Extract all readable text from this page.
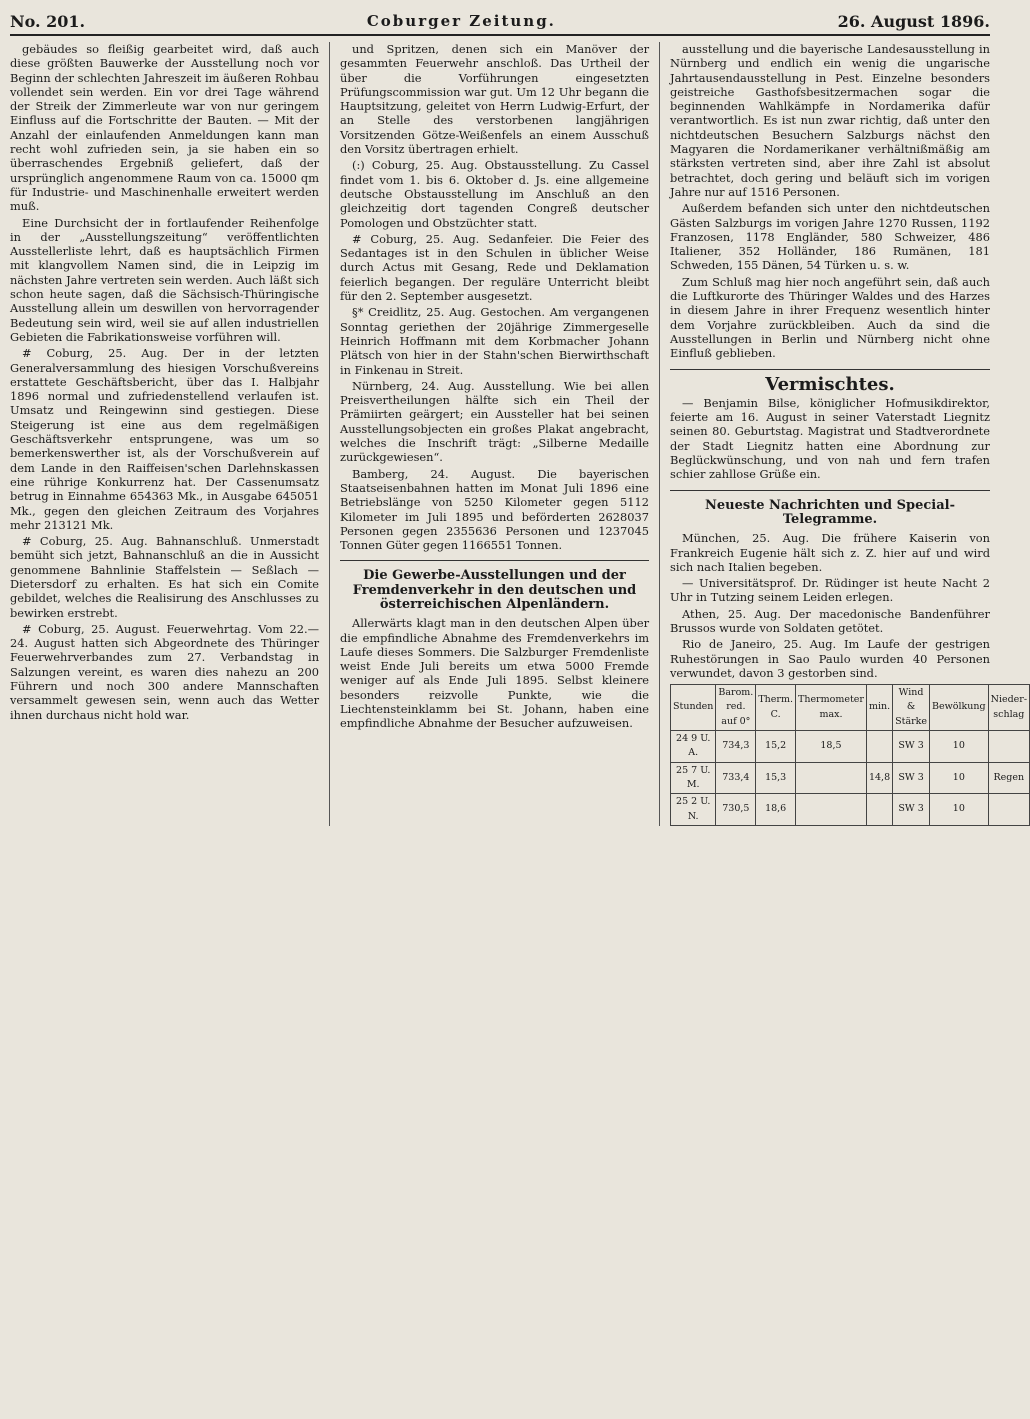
No. 201.	Coburger Zeitung.	26. August 1896.

gebäudes so fleißig gearbeitet wird, daß auch diese größten Bauwerke der Ausstellung noch vor Beginn der schlechten Jahreszeit im äußeren Rohbau vollendet sein werden. Ein vor drei Tage während der Streik der Zimmerleute war von nur geringem Einfluss auf die Fortschritte der Bauten. — Mit der Anzahl der einlaufenden Anmeldungen kann man recht wohl zufrieden sein, ja sie haben ein so überraschendes Ergebniß geliefert, daß der ursprünglich angenommene Raum von ca. 15000 qm für Industrie- und Maschinenhalle erweitert werden muß.

Eine Durchsicht der in fortlaufender Reihenfolge in der „Ausstellungszeitung“ veröffentlichten Ausstellerliste lehrt, daß es hauptsächlich Firmen mit klangvollem Namen sind, die in Leipzig im nächsten Jahre vertreten sein werden. Auch läßt sich schon heute sagen, daß die Sächsisch-Thüringische Ausstellung allein um deswillen von hervorragender Bedeutung sein wird, weil sie auf allen industriellen Gebieten die Fabrikationsweise vorführen will.

# Coburg, 25. Aug. Der in der letzten Generalversammlung des hiesigen Vorschußvereins erstattete Geschäftsbericht, über das I. Halbjahr 1896 normal und zufriedenstellend verlaufen ist. Umsatz und Reingewinn sind gestiegen. Diese Steigerung ist eine aus dem regelmäßigen Geschäftsverkehr entsprungene, was um so bemerkenswerther ist, als der Vorschußverein auf dem Lande in den Raiffeisen'schen Darlehnskassen eine rührige Konkurrenz hat. Der Cassenumsatz betrug in Einnahme 654363 Mk., in Ausgabe 645051 Mk., gegen den gleichen Zeitraum des Vorjahres mehr 213121 Mk.

# Coburg, 25. Aug. Bahnanschluß. Unmerstadt bemüht sich jetzt, Bahnanschluß an die in Aussicht genommene Bahnlinie Staffelstein — Seßlach — Dietersdorf zu erhalten. Es hat sich ein Comite gebildet, welches die Realisirung des Anschlusses zu bewirken erstrebt.

# Coburg, 25. August. Feuerwehrtag. Vom 22.—24. August hatten sich Abgeordnete des Thüringer Feuerwehrverbandes zum 27. Verbandstag in Salzungen vereint, es waren dies nahezu an 200 Führern und noch 300 andere Mannschaften versammelt gewesen sein, wenn auch das Wetter ihnen durchaus nicht hold war.

und Spritzen, denen sich ein Manöver der gesammten Feuerwehr anschloß. Das Urtheil der über die Vorführungen eingesetzten Prüfungscommission war gut. Um 12 Uhr begann die Hauptsitzung, geleitet von Herrn Ludwig-Erfurt, der an Stelle des verstorbenen langjährigen Vorsitzenden Götze-Weißenfels an einem Ausschuß den Vorsitz übertragen erhielt.

(:) Coburg, 25. Aug. Obstausstellung. Zu Cassel findet vom 1. bis 6. Oktober d. Js. eine allgemeine deutsche Obstausstellung im Anschluß an den gleichzeitig dort tagenden Congreß deutscher Pomologen und Obstzüchter statt.

# Coburg, 25. Aug. Sedanfeier. Die Feier des Sedantages ist in den Schulen in üblicher Weise durch Actus mit Gesang, Rede und Deklamation feierlich begangen. Der reguläre Unterricht bleibt für den 2. September ausgesetzt.

§* Creidlitz, 25. Aug. Gestochen. Am vergangenen Sonntag geriethen der 20jährige Zimmergeselle Heinrich Hoffmann mit dem Korbmacher Johann Plätsch von hier in der Stahn'schen Bierwirthschaft in Finkenau in Streit.

Nürnberg, 24. Aug. Ausstellung. Wie bei allen Preisvertheilungen hälfte sich ein Theil der Prämiirten geärgert; ein Aussteller hat bei seinen Ausstellungsobjecten ein großes Plakat angebracht, welches die Inschrift trägt: „Silberne Medaille zurückgewiesen“.

Bamberg, 24. August. Die bayerischen Staatseisenbahnen hatten im Monat Juli 1896 eine Betriebslänge von 5250 Kilometer gegen 5112 Kilometer im Juli 1895 und beförderten 2628037 Personen gegen 2355636 Personen und 1237045 Tonnen Güter gegen 1166551 Tonnen.

Die Gewerbe-Ausstellungen und der Fremdenverkehr in den deutschen und österreichischen Alpenländern.

Allerwärts klagt man in den deutschen Alpen über die empfindliche Abnahme des Fremdenverkehrs im Laufe dieses Sommers. Die Salzburger Fremdenliste weist Ende Juli bereits um etwa 5000 Fremde weniger auf als Ende Juli 1895. Selbst kleinere besonders reizvolle Punkte, wie die Liechtensteinklamm bei St. Johann, haben eine empfindliche Abnahme der Besucher aufzuweisen.

ausstellung und die bayerische Landesausstellung in Nürnberg und endlich ein wenig die ungarische Jahrtausendausstellung in Pest. Einzelne besonders geistreiche Gasthofsbesitzermachen sogar die beginnenden Wahlkämpfe in Nordamerika dafür verantwortlich. Es ist nun zwar richtig, daß unter den nichtdeutschen Besuchern Salzburgs nächst den Magyaren die Nordamerikaner verhältnißmäßig am stärksten vertreten sind, aber ihre Zahl ist absolut betrachtet, doch gering und beläuft sich im vorigen Jahre nur auf 1516 Personen.

Außerdem befanden sich unter den nichtdeutschen Gästen Salzburgs im vorigen Jahre 1270 Russen, 1192 Franzosen, 1178 Engländer, 580 Schweizer, 486 Italiener, 352 Holländer, 186 Rumänen, 181 Schweden, 155 Dänen, 54 Türken u. s. w.

Zum Schluß mag hier noch angeführt sein, daß auch die Luftkurorte des Thüringer Waldes und des Harzes in diesem Jahre in ihrer Frequenz wesentlich hinter dem Vorjahre zurückbleiben. Auch da sind die Ausstellungen in Berlin und Nürnberg nicht ohne Einfluß geblieben.

Vermischtes.

— Benjamin Bilse, königlicher Hofmusikdirektor, feierte am 16. August in seiner Vaterstadt Liegnitz seinen 80. Geburtstag. Magistrat und Stadtverordnete der Stadt Liegnitz hatten eine Abordnung zur Beglückwünschung, und von nah und fern trafen schier zahllose Grüße ein.

Neueste Nachrichten und Special-Telegramme.

München, 25. Aug. Die frühere Kaiserin von Frankreich Eugenie hält sich z. Z. hier auf und wird sich nach Italien begeben.

— Universitätsprof. Dr. Rüdinger ist heute Nacht 2 Uhr in Tutzing seinem Leiden erlegen.

Athen, 25. Aug. Der macedonische Bandenführer Brussos wurde von Soldaten getötet.

Rio de Janeiro, 25. Aug. Im Laufe der gestrigen Ruhestörungen in Sao Paulo wurden 40 Personen verwundet, davon 3 gestorben sind.

Stunden	Barom. red. auf 0°	Therm. C.	Thermometer max.	min.	Wind & Stärke	Bewölkung	Nieder-schlag
24 9 U. A.	734,3	15,2	18,5		SW 3	10	
25 7 U. M.	733,4	15,3		14,8	SW 3	10	Regen
25 2 U. N.	730,5	18,6			SW 3	10	
